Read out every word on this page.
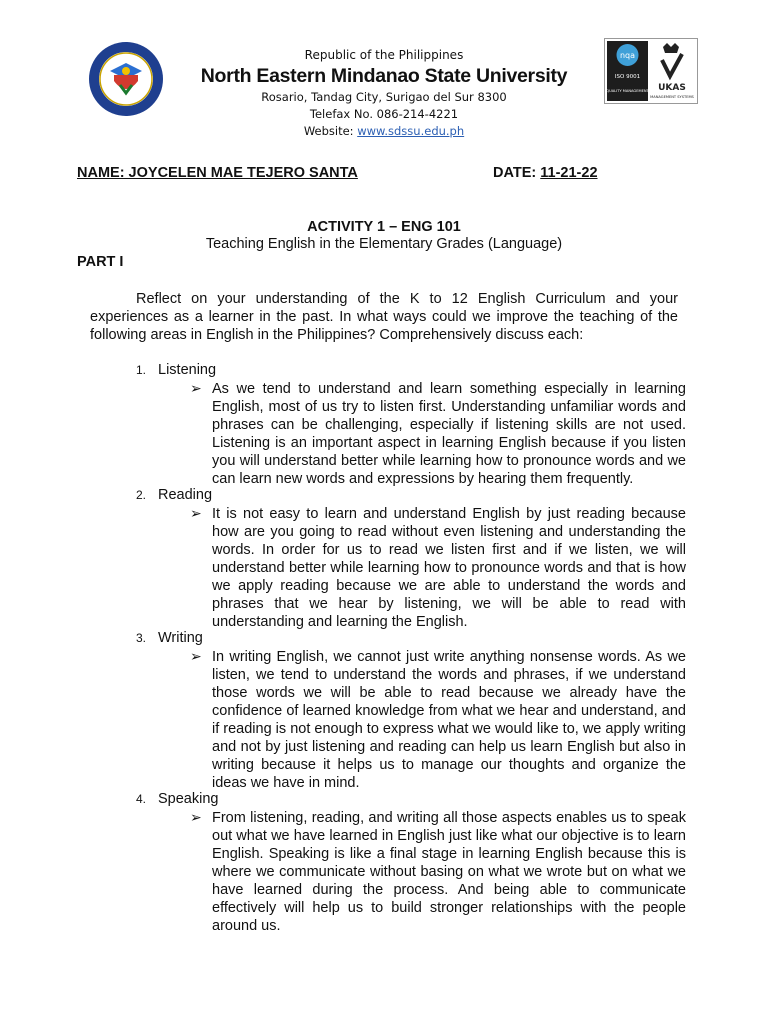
nqa
ISO 9001
QUALITY MANAGEMENT UKAS
MANAGEMENT SYSTEMS
Republic of the Philippines
North Eastern Mindanao State University
Rosario, Tandag City, Surigao del Sur 8300
Telefax No. 086-214-4221
Website: www.sdssu.edu.ph
NAME: JOYCELEN MAE TEJERO SANTA	DATE: 11-21-22
ACTIVITY 1 – ENG 101
Teaching English in the Elementary Grades (Language)
PART I
Reflect on your understanding of the K to 12 English Curriculum and your experiences as a learner in the past. In what ways could we improve the teaching of the following areas in English in the Philippines? Comprehensively discuss each:
1. Listening
➢ As we tend to understand and learn something especially in learning English, most of us try to listen first. Understanding unfamiliar words and phrases can be challenging, especially if listening skills are not used. Listening is an important aspect in learning English because if you listen you will understand better while learning how to pronounce words and we can learn new words and expressions by hearing them frequently.
2. Reading
➢ It is not easy to learn and understand English by just reading because how are you going to read without even listening and understanding the words. In order for us to read we listen first and if we listen, we will understand better while learning how to pronounce words and that is how we apply reading because we are able to understand the words and phrases that we hear by listening, we will be able to read with understanding and learning the English.
3. Writing
➢ In writing English, we cannot just write anything nonsense words. As we listen, we tend to understand the words and phrases, if we understand those words we will be able to read because we already have the confidence of learned knowledge from what we hear and understand, and if reading is not enough to express what we would like to, we apply writing and not by just listening and reading can help us learn English but also in writing because it helps us to manage our thoughts and organize the ideas we have in mind.
4. Speaking
➢ From listening, reading, and writing all those aspects enables us to speak out what we have learned in English just like what our objective is to learn English. Speaking is like a final stage in learning English because this is where we communicate without basing on what we wrote but on what we have learned during the process. And being able to communicate effectively will help us to build stronger relationships with the people around us.
